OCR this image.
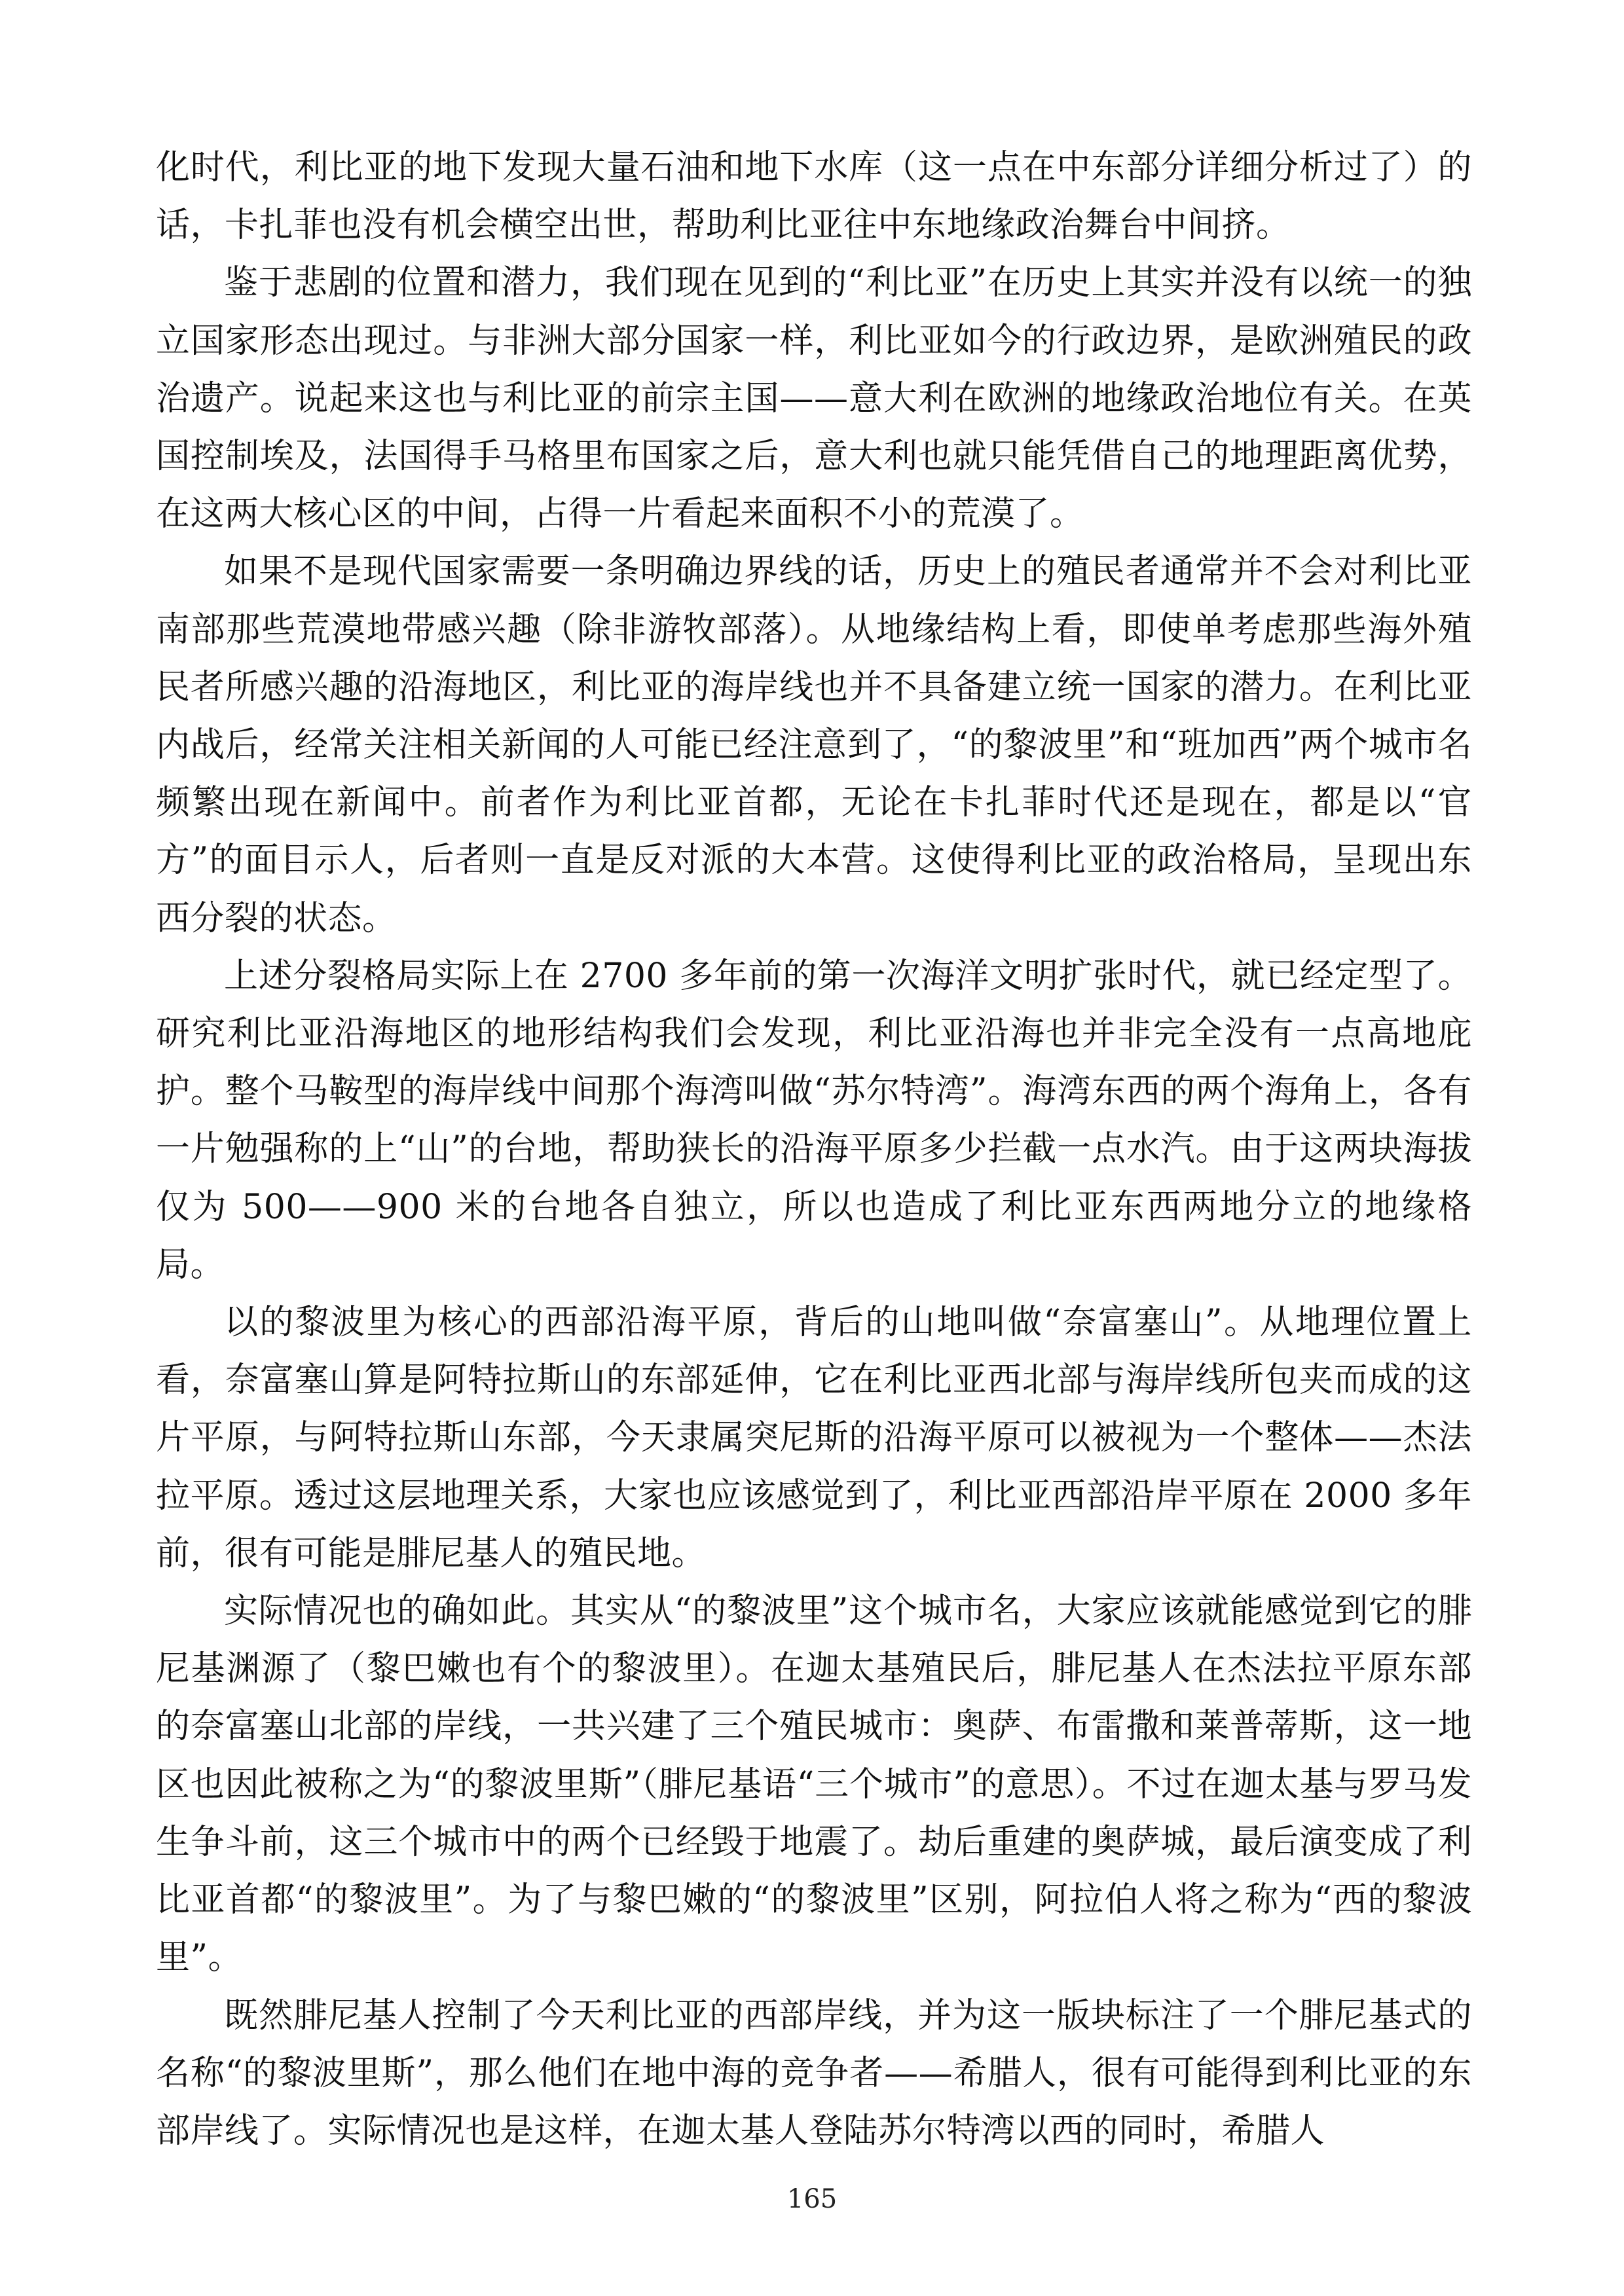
化时代，利比亚的地下发现大量石油和地下水库（这一点在中东部分详细分析过了）的话，卡扎菲也没有机会横空出世，帮助利比亚往中东地缘政治舞台中间挤。

鉴于悲剧的位置和潜力，我们现在见到的“利比亚”在历史上其实并没有以统一的独立国家形态出现过。与非洲大部分国家一样，利比亚如今的行政边界，是欧洲殖民的政治遗产。说起来这也与利比亚的前宗主国——意大利在欧洲的地缘政治地位有关。在英国控制埃及，法国得手马格里布国家之后，意大利也就只能凭借自己的地理距离优势，在这两大核心区的中间，占得一片看起来面积不小的荒漠了。

如果不是现代国家需要一条明确边界线的话，历史上的殖民者通常并不会对利比亚南部那些荒漠地带感兴趣（除非游牧部落）。从地缘结构上看，即使单考虑那些海外殖民者所感兴趣的沿海地区，利比亚的海岸线也并不具备建立统一国家的潜力。在利比亚内战后，经常关注相关新闻的人可能已经注意到了，“的黎波里”和“班加西”两个城市名频繁出现在新闻中。前者作为利比亚首都，无论在卡扎菲时代还是现在，都是以“官方”的面目示人，后者则一直是反对派的大本营。这使得利比亚的政治格局，呈现出东西分裂的状态。

上述分裂格局实际上在 2700 多年前的第一次海洋文明扩张时代，就已经定型了。研究利比亚沿海地区的地形结构我们会发现，利比亚沿海也并非完全没有一点高地庇护。整个马鞍型的海岸线中间那个海湾叫做“苏尔特湾”。海湾东西的两个海角上，各有一片勉强称的上“山”的台地，帮助狭长的沿海平原多少拦截一点水汽。由于这两块海拔仅为 500——900 米的台地各自独立，所以也造成了利比亚东西两地分立的地缘格局。

以的黎波里为核心的西部沿海平原，背后的山地叫做“奈富塞山”。从地理位置上看，奈富塞山算是阿特拉斯山的东部延伸，它在利比亚西北部与海岸线所包夹而成的这片平原，与阿特拉斯山东部，今天隶属突尼斯的沿海平原可以被视为一个整体——杰法拉平原。透过这层地理关系，大家也应该感觉到了，利比亚西部沿岸平原在 2000 多年前，很有可能是腓尼基人的殖民地。

实际情况也的确如此。其实从“的黎波里”这个城市名，大家应该就能感觉到它的腓尼基渊源了（黎巴嫩也有个的黎波里）。在迦太基殖民后，腓尼基人在杰法拉平原东部的奈富塞山北部的岸线，一共兴建了三个殖民城市：奥萨、布雷撒和莱普蒂斯，这一地区也因此被称之为“的黎波里斯”（腓尼基语“三个城市”的意思）。不过在迦太基与罗马发生争斗前，这三个城市中的两个已经毁于地震了。劫后重建的奥萨城，最后演变成了利比亚首都“的黎波里”。为了与黎巴嫩的“的黎波里”区别，阿拉伯人将之称为“西的黎波里”。

既然腓尼基人控制了今天利比亚的西部岸线，并为这一版块标注了一个腓尼基式的名称“的黎波里斯”，那么他们在地中海的竞争者——希腊人，很有可能得到利比亚的东部岸线了。实际情况也是这样，在迦太基人登陆苏尔特湾以西的同时，希腊人

165
